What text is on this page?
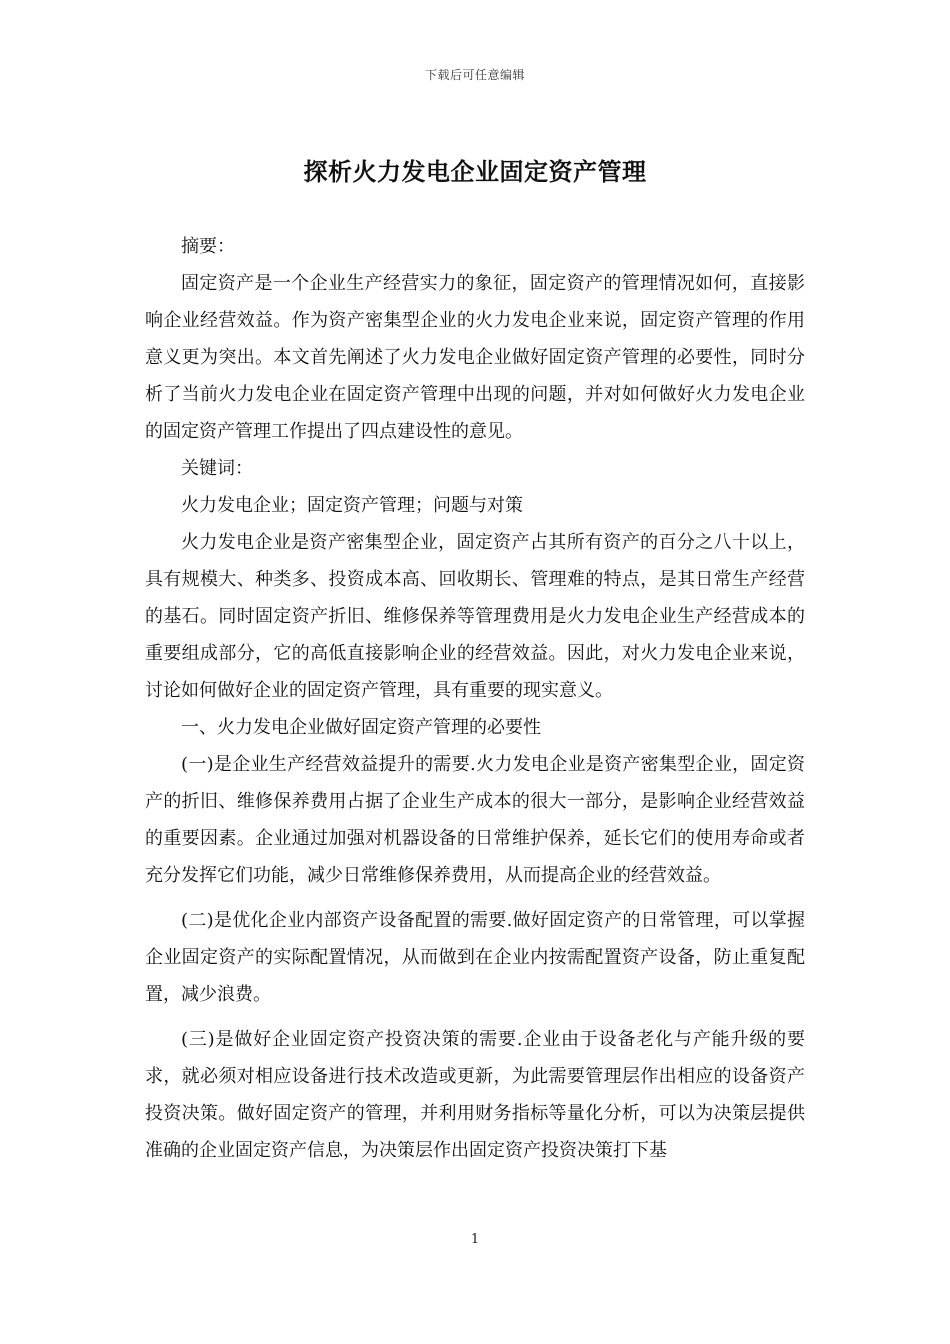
下载后可任意编辑
探析火力发电企业固定资产管理

摘要：

固定资产是一个企业生产经营实力的象征，固定资产的管理情况如何，直接影响企业经营效益。作为资产密集型企业的火力发电企业来说，固定资产管理的作用意义更为突出。本文首先阐述了火力发电企业做好固定资产管理的必要性，同时分析了当前火力发电企业在固定资产管理中出现的问题，并对如何做好火力发电企业的固定资产管理工作提出了四点建设性的意见。

关键词：

火力发电企业；固定资产管理；问题与对策

火力发电企业是资产密集型企业，固定资产占其所有资产的百分之八十以上，具有规模大、种类多、投资成本高、回收期长、管理难的特点，是其日常生产经营的基石。同时固定资产折旧、维修保养等管理费用是火力发电企业生产经营成本的重要组成部分，它的高低直接影响企业的经营效益。因此，对火力发电企业来说，讨论如何做好企业的固定资产管理，具有重要的现实意义。

一、火力发电企业做好固定资产管理的必要性

(一)是企业生产经营效益提升的需要.火力发电企业是资产密集型企业，固定资产的折旧、维修保养费用占据了企业生产成本的很大一部分，是影响企业经营效益的重要因素。企业通过加强对机器设备的日常维护保养，延长它们的使用寿命或者充分发挥它们功能，减少日常维修保养费用，从而提高企业的经营效益。

(二)是优化企业内部资产设备配置的需要.做好固定资产的日常管理，可以掌握企业固定资产的实际配置情况，从而做到在企业内按需配置资产设备，防止重复配置，减少浪费。

(三)是做好企业固定资产投资决策的需要.企业由于设备老化与产能升级的要求，就必须对相应设备进行技术改造或更新，为此需要管理层作出相应的设备资产投资决策。做好固定资产的管理，并利用财务指标等量化分析，可以为决策层提供准确的企业固定资产信息，为决策层作出固定资产投资决策打下基

1
